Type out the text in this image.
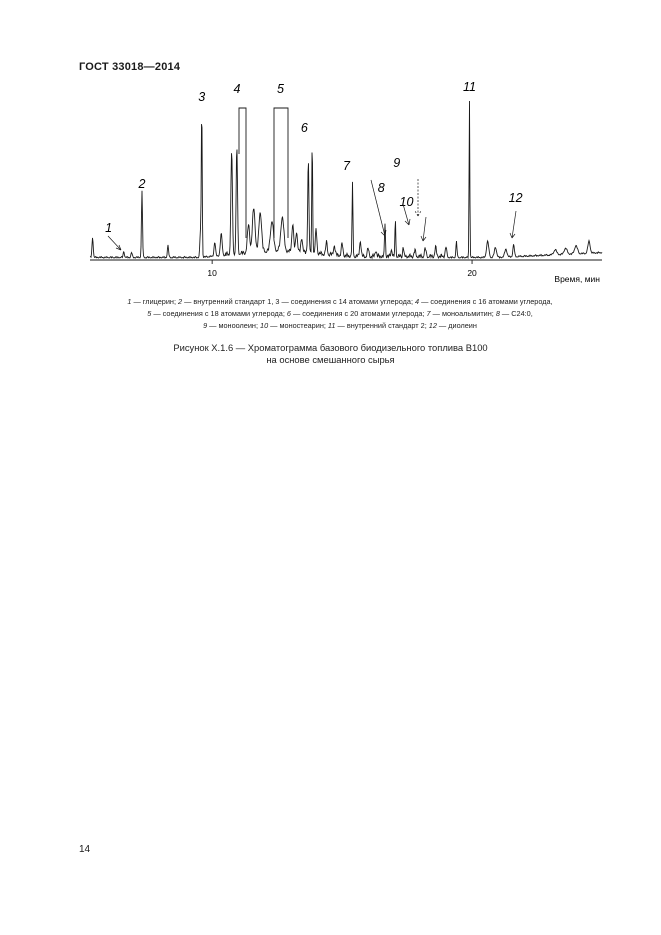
ГОСТ 33018—2014
10	20
Время, мин
1
2
3
4	5
6
7
8
9
10
11
12
1 — глицерин; 2 — внутренний стандарт 1, 3 — соединения с 14 атомами углерода; 4 — соединения с 16 атомами углерода,
5 — соединения с 18 атомами углерода; 6 — соединения с 20 атомами углерода; 7 — моноальмитин; 8 — С24:0,
9 — моноолеин; 10 — моностеарин; 11 — внутренний стандарт 2; 12 — диолеин
Рисунок Х.1.6 — Хроматограмма базового биодизельного топлива В100
на основе смешанного сырья
14
